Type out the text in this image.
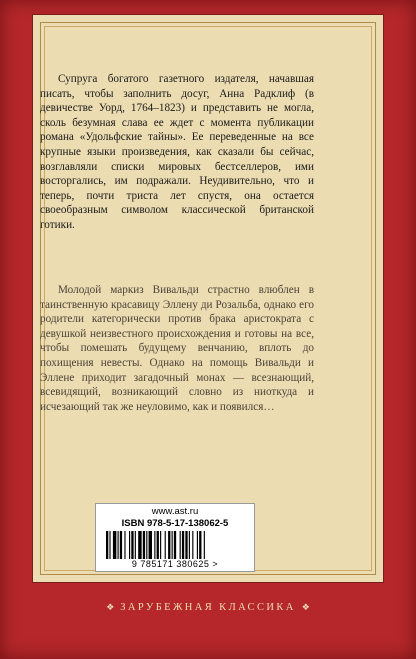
Супруга богатого газетного издателя, начавшая писать, чтобы заполнить досуг, Анна Радклиф (в девичестве Уорд, 1764–1823) и представить не могла, сколь безумная слава ее ждет с момента публикации романа «Удольфские тайны». Ее переведенные на все крупные языки произведения, как сказали бы сейчас, возглавляли списки мировых бестселлеров, ими восторгались, им подражали. Неудивительно, что и теперь, почти триста лет спустя, она остается своеобразным символом классической британской готики.

Молодой маркиз Вивальди страстно влюблен в таинственную красавицу Эллену ди Розальба, однако его родители категорически против брака аристократа с девушкой неизвестного происхождения и готовы на все, чтобы помешать будущему венчанию, вплоть до похищения невесты. Однако на помощь Вивальди и Эллене приходит загадочный монах — всезнающий, всевидящий, возникающий словно из ниоткуда и исчезающий так же неуловимо, как и появился…

www.ast.ru
ISBN 978-5-17-138062-5
9 785171 380625 >
❖ ЗАРУБЕЖНАЯ КЛАССИКА ❖
